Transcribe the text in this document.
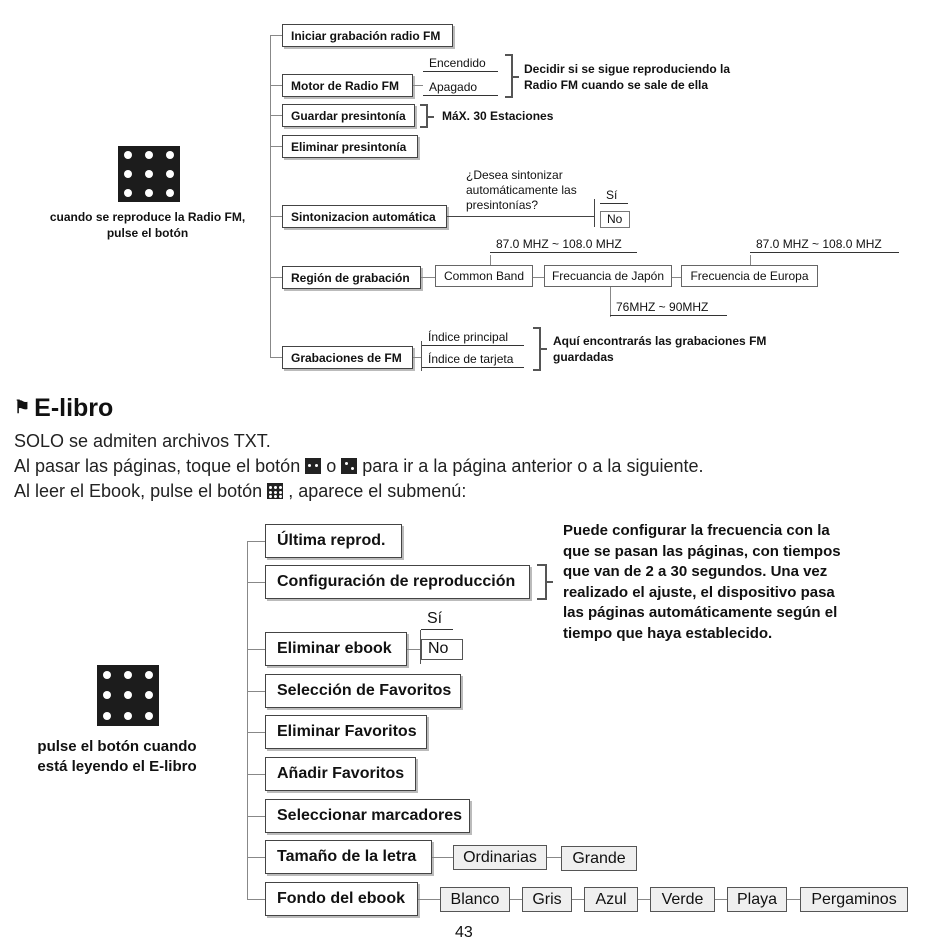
cuando se reproduce la Radio FM,
pulse el botón
Iniciar grabación radio FM
Motor de Radio FM
Encendido
Apagado
Decidir si se sigue reproduciendo la
Radio FM cuando se sale de ella
Guardar presintonía	MáX. 30 Estaciones
Eliminar presintonía
Sintonizacion automática
¿Desea sintonizar
automáticamente las
presintonías?
Sí
No
Región de grabación	Common Band	Frecuancia de Japón	Frecuencia de Europa
87.0 MHZ ~ 108.0 MHZ
76MHZ ~ 90MHZ
87.0 MHZ ~ 108.0 MHZ
Grabaciones de FM
Índice principal
Índice de tarjeta
Aquí encontrarás las grabaciones FM
guardadas
⚑ E-libro
SOLO se admiten archivos TXT.
Al pasar las páginas, toque el botón o para ir a la página anterior o a la siguiente.
Al leer el Ebook, pulse el botón , aparece el submenú:
pulse el botón cuando
está leyendo el E-libro
Última reprod.
Configuración de reproducción
Puede configurar la frecuencia con la
que se pasan las páginas, con tiempos
que van de 2 a 30 segundos. Una vez
realizado el ajuste, el dispositivo pasa
las páginas automáticamente según el
tiempo que haya establecido.
Eliminar ebook
Sí
No
Selección de Favoritos
Eliminar Favoritos
Añadir Favoritos
Seleccionar marcadores
Tamaño de la letra	Ordinarias	Grande
Fondo del ebook	Blanco	Gris	Azul	Verde	Playa	Pergaminos
43
